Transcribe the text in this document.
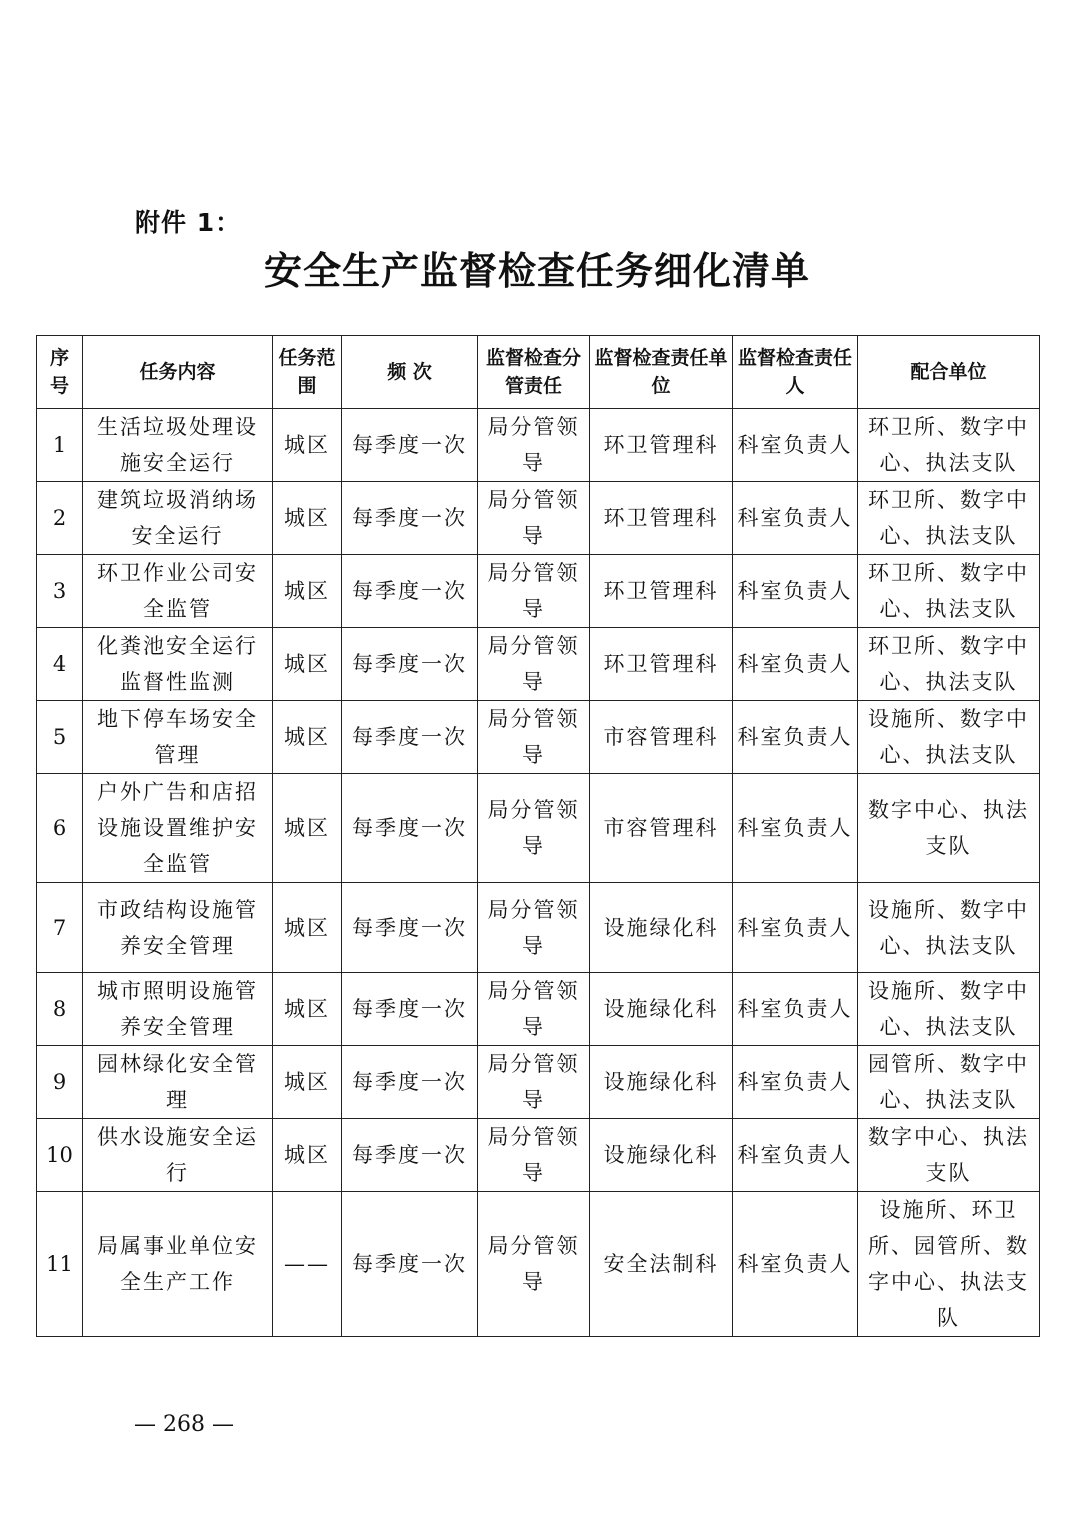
附件 1：
安全生产监督检查任务细化清单
序号	任务内容	任务范围	频 次	监督检查分管责任	监督检查责任单位	监督检查责任人	配合单位
1	生活垃圾处理设施安全运行	城区	每季度一次	局分管领导	环卫管理科	科室负责人	环卫所、数字中心、执法支队
2	建筑垃圾消纳场安全运行	城区	每季度一次	局分管领导	环卫管理科	科室负责人	环卫所、数字中心、执法支队
3	环卫作业公司安全监管	城区	每季度一次	局分管领导	环卫管理科	科室负责人	环卫所、数字中心、执法支队
4	化粪池安全运行监督性监测	城区	每季度一次	局分管领导	环卫管理科	科室负责人	环卫所、数字中心、执法支队
5	地下停车场安全管理	城区	每季度一次	局分管领导	市容管理科	科室负责人	设施所、数字中心、执法支队
6	户外广告和店招设施设置维护安全监管	城区	每季度一次	局分管领导	市容管理科	科室负责人	数字中心、执法支队
7	市政结构设施管养安全管理	城区	每季度一次	局分管领导	设施绿化科	科室负责人	设施所、数字中心、执法支队
8	城市照明设施管养安全管理	城区	每季度一次	局分管领导	设施绿化科	科室负责人	设施所、数字中心、执法支队
9	园林绿化安全管理	城区	每季度一次	局分管领导	设施绿化科	科室负责人	园管所、数字中心、执法支队
10	供水设施安全运行	城区	每季度一次	局分管领导	设施绿化科	科室负责人	数字中心、执法支队
11	局属事业单位安全生产工作	——	每季度一次	局分管领导	安全法制科	科室负责人	设施所、环卫所、园管所、数字中心、执法支队
— 268 —
